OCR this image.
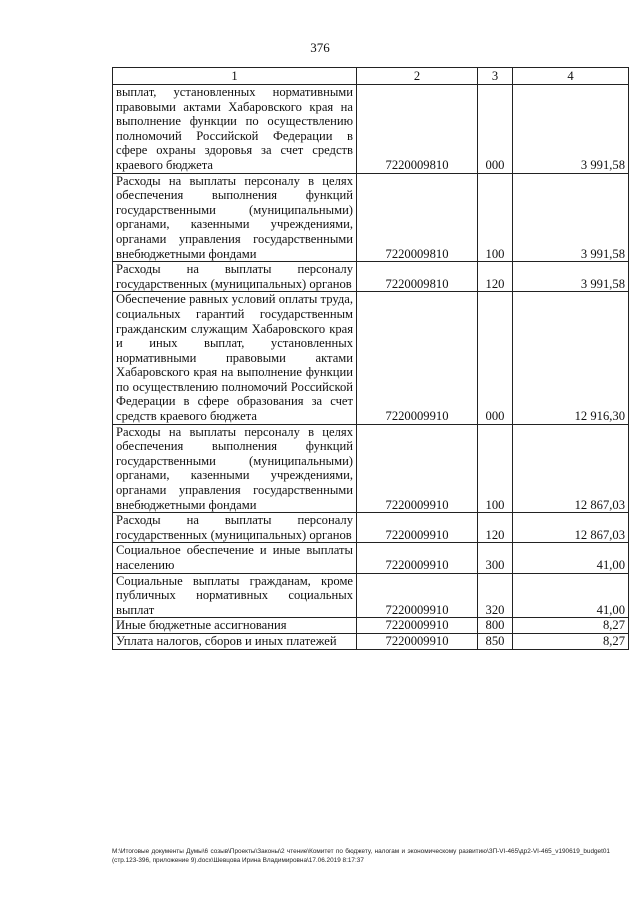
376
1	2	3	4
выплат, установленных нормативными правовыми актами Хабаровского края на выполнение функции по осуществлению полномочий Российской Федерации в сфере охраны здоровья за счет средств краевого бюджета	7220009810	000	3 991,58
Расходы на выплаты персоналу в целях обеспечения выполнения функций государственными (муниципальными) органами, казенными учреждениями, органами управления государственными внебюджетными фондами	7220009810	100	3 991,58
Расходы на выплаты персоналу государственных (муниципальных) органов	7220009810	120	3 991,58
Обеспечение равных условий оплаты труда, социальных гарантий государственным гражданским служащим Хабаровского края и иных выплат, установленных нормативными правовыми актами Хабаровского края на выполнение функции по осуществлению полномочий Российской Федерации в сфере образования за счет средств краевого бюджета	7220009910	000	12 916,30
Расходы на выплаты персоналу в целях обеспечения выполнения функций государственными (муниципальными) органами, казенными учреждениями, органами управления государственными внебюджетными фондами	7220009910	100	12 867,03
Расходы на выплаты персоналу государственных (муниципальных) органов	7220009910	120	12 867,03
Социальное обеспечение и иные выплаты населению	7220009910	300	41,00
Социальные выплаты гражданам, кроме публичных нормативных социальных выплат	7220009910	320	41,00
Иные бюджетные ассигнования	7220009910	800	8,27
Уплата налогов, сборов и иных платежей	7220009910	850	8,27
М:\Итоговые документы Думы\6 созыв\Проекты\Законы\2 чтение\Комитет по бюджету, налогам и экономическому развитию\ЗП-VI-465\др2-VI-465_v190619_budget01 (стр.123-396, приложение 9).docx\Шевцова Ирина Владимировна\17.06.2019 8:17:37
